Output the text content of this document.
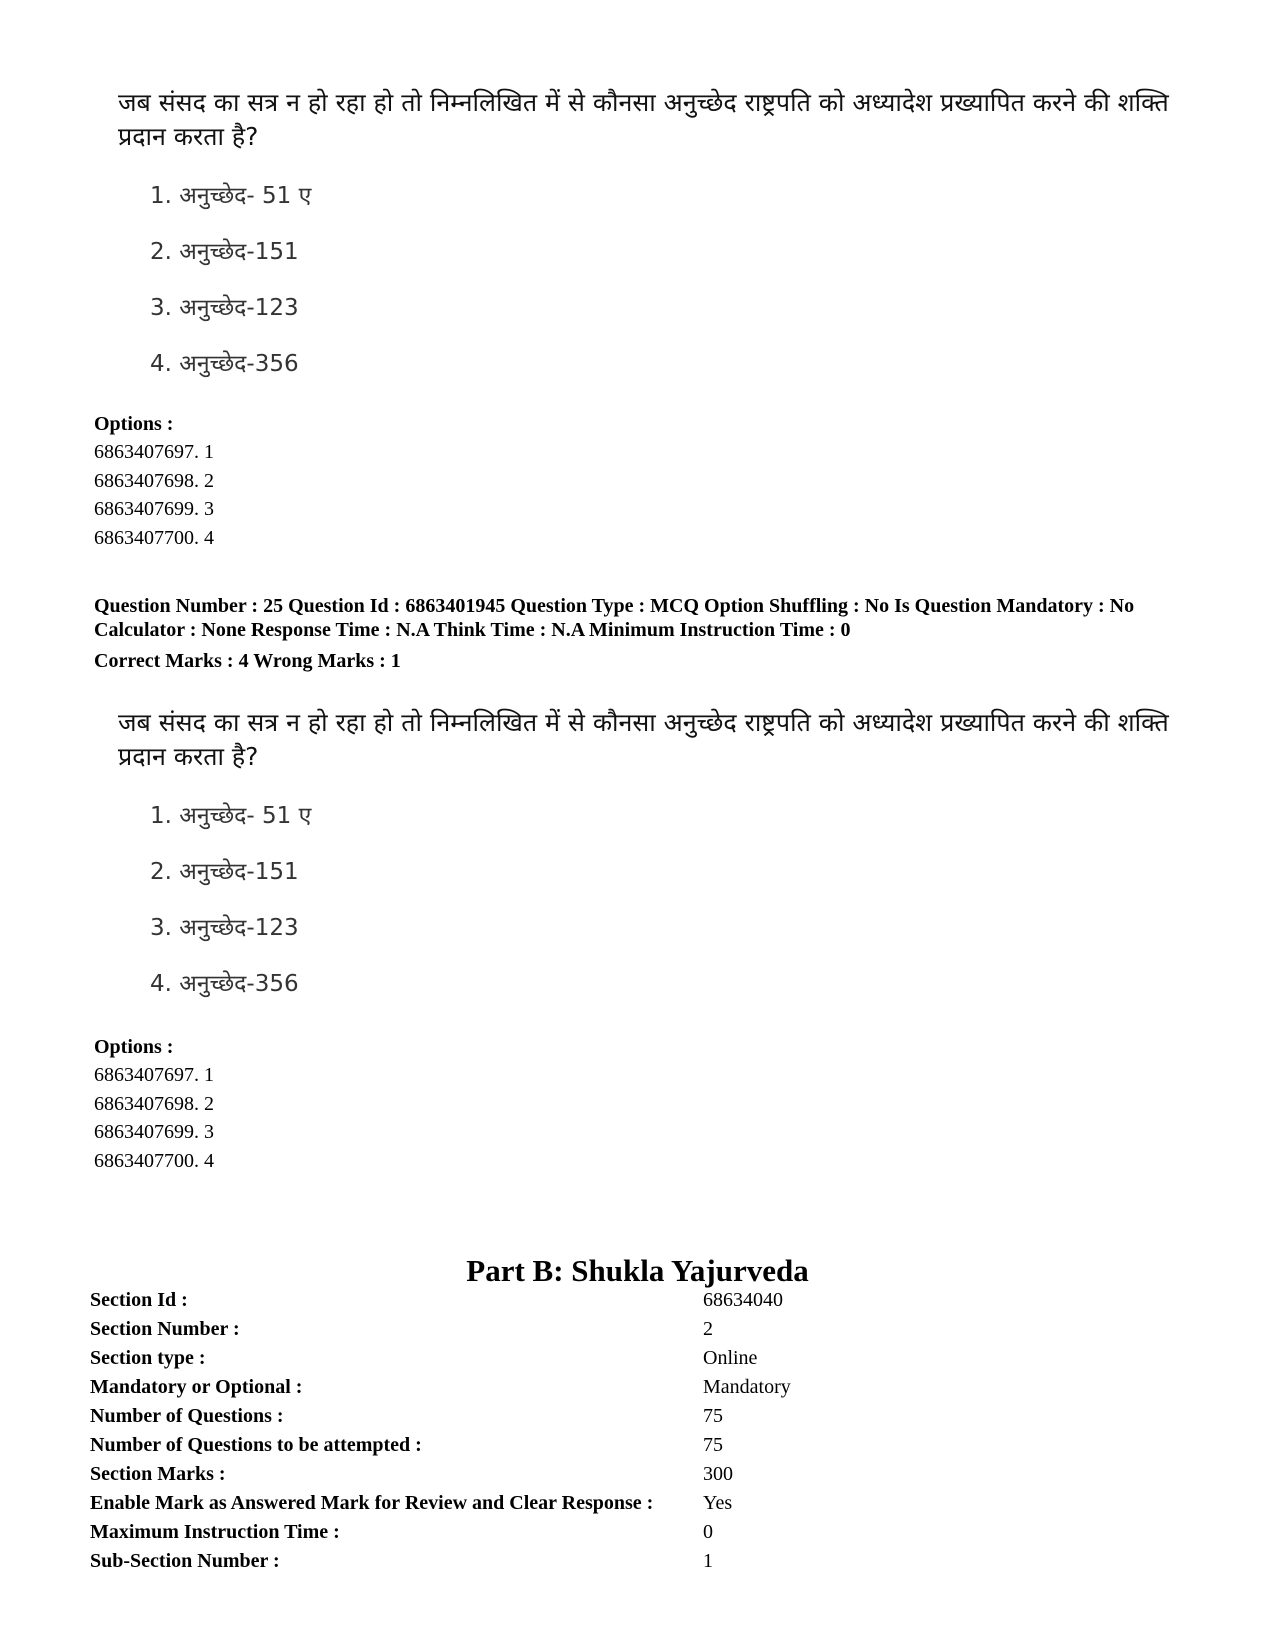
जब संसद का सत्र न हो रहा हो तो निम्नलिखित में से कौनसा अनुच्छेद राष्ट्रपति को अध्यादेश प्रख्यापित करने की शक्ति प्रदान करता है?
1. अनुच्छेद- 51 ए
2. अनुच्छेद-151
3. अनुच्छेद-123
4. अनुच्छेद-356
Options :
6863407697. 1
6863407698. 2
6863407699. 3
6863407700. 4
Question Number : 25 Question Id : 6863401945 Question Type : MCQ Option Shuffling : No Is Question Mandatory : No Calculator : None Response Time : N.A Think Time : N.A Minimum Instruction Time : 0
Correct Marks : 4 Wrong Marks : 1
जब संसद का सत्र न हो रहा हो तो निम्नलिखित में से कौनसा अनुच्छेद राष्ट्रपति को अध्यादेश प्रख्यापित करने की शक्ति प्रदान करता है?
1. अनुच्छेद- 51 ए
2. अनुच्छेद-151
3. अनुच्छेद-123
4. अनुच्छेद-356
Options :
6863407697. 1
6863407698. 2
6863407699. 3
6863407700. 4
Part B: Shukla Yajurveda
Section Id :	68634040
Section Number :	2
Section type :	Online
Mandatory or Optional :	Mandatory
Number of Questions :	75
Number of Questions to be attempted :	75
Section Marks :	300
Enable Mark as Answered Mark for Review and Clear Response : Yes
Maximum Instruction Time :	0
Sub-Section Number :	1
